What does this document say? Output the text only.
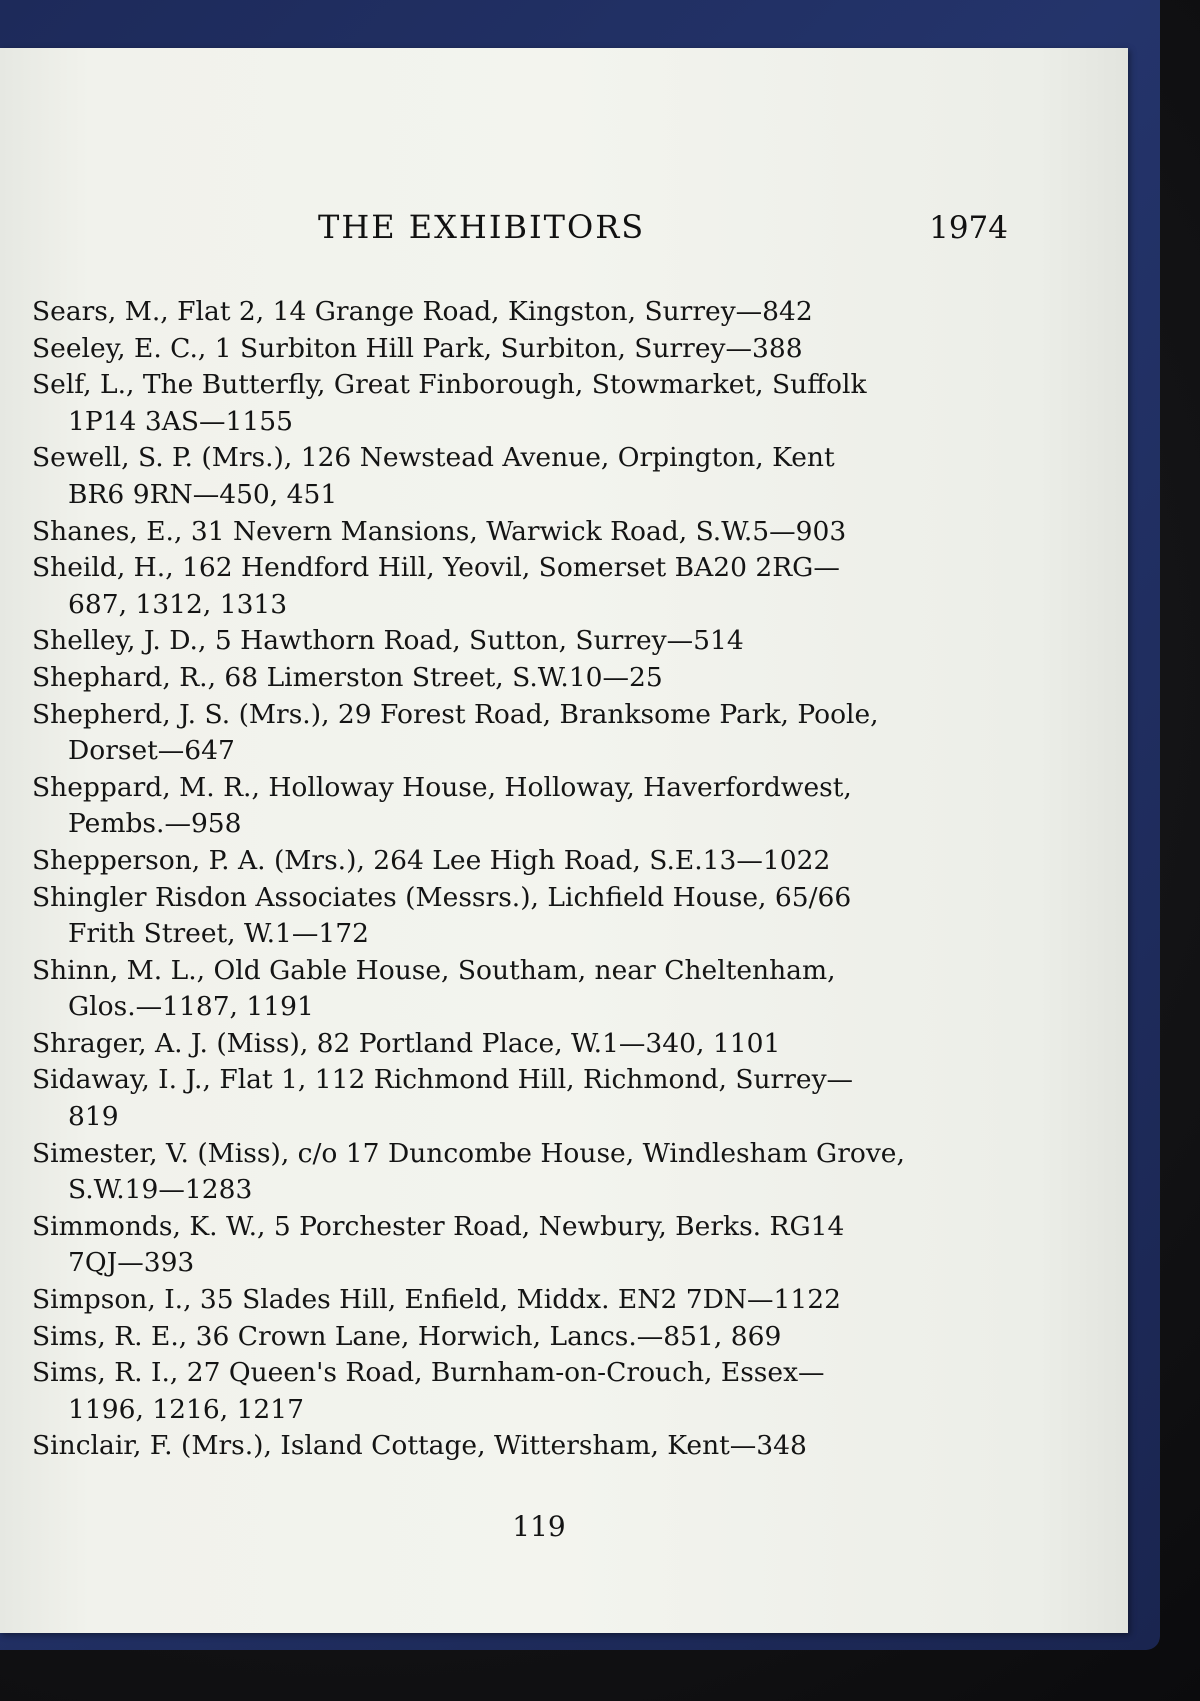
THE EXHIBITORS	1974
Sears, M., Flat 2, 14 Grange Road, Kingston, Surrey—842
Seeley, E. C., 1 Surbiton Hill Park, Surbiton, Surrey—388
Self, L., The Butterfly, Great Finborough, Stowmarket, Suffolk
1P14 3AS—1155
Sewell, S. P. (Mrs.), 126 Newstead Avenue, Orpington, Kent
BR6 9RN—450, 451
Shanes, E., 31 Nevern Mansions, Warwick Road, S.W.5—903
Sheild, H., 162 Hendford Hill, Yeovil, Somerset BA20 2RG—
687, 1312, 1313
Shelley, J. D., 5 Hawthorn Road, Sutton, Surrey—514
Shephard, R., 68 Limerston Street, S.W.10—25
Shepherd, J. S. (Mrs.), 29 Forest Road, Branksome Park, Poole,
Dorset—647
Sheppard, M. R., Holloway House, Holloway, Haverfordwest,
Pembs.—958
Shepperson, P. A. (Mrs.), 264 Lee High Road, S.E.13—1022
Shingler Risdon Associates (Messrs.), Lichfield House, 65/66
Frith Street, W.1—172
Shinn, M. L., Old Gable House, Southam, near Cheltenham,
Glos.—1187, 1191
Shrager, A. J. (Miss), 82 Portland Place, W.1—340, 1101
Sidaway, I. J., Flat 1, 112 Richmond Hill, Richmond, Surrey—
819
Simester, V. (Miss), c/o 17 Duncombe House, Windlesham Grove,
S.W.19—1283
Simmonds, K. W., 5 Porchester Road, Newbury, Berks. RG14
7QJ—393
Simpson, I., 35 Slades Hill, Enfield, Middx. EN2 7DN—1122
Sims, R. E., 36 Crown Lane, Horwich, Lancs.—851, 869
Sims, R. I., 27 Queen's Road, Burnham-on-Crouch, Essex—
1196, 1216, 1217
Sinclair, F. (Mrs.), Island Cottage, Wittersham, Kent—348
119
